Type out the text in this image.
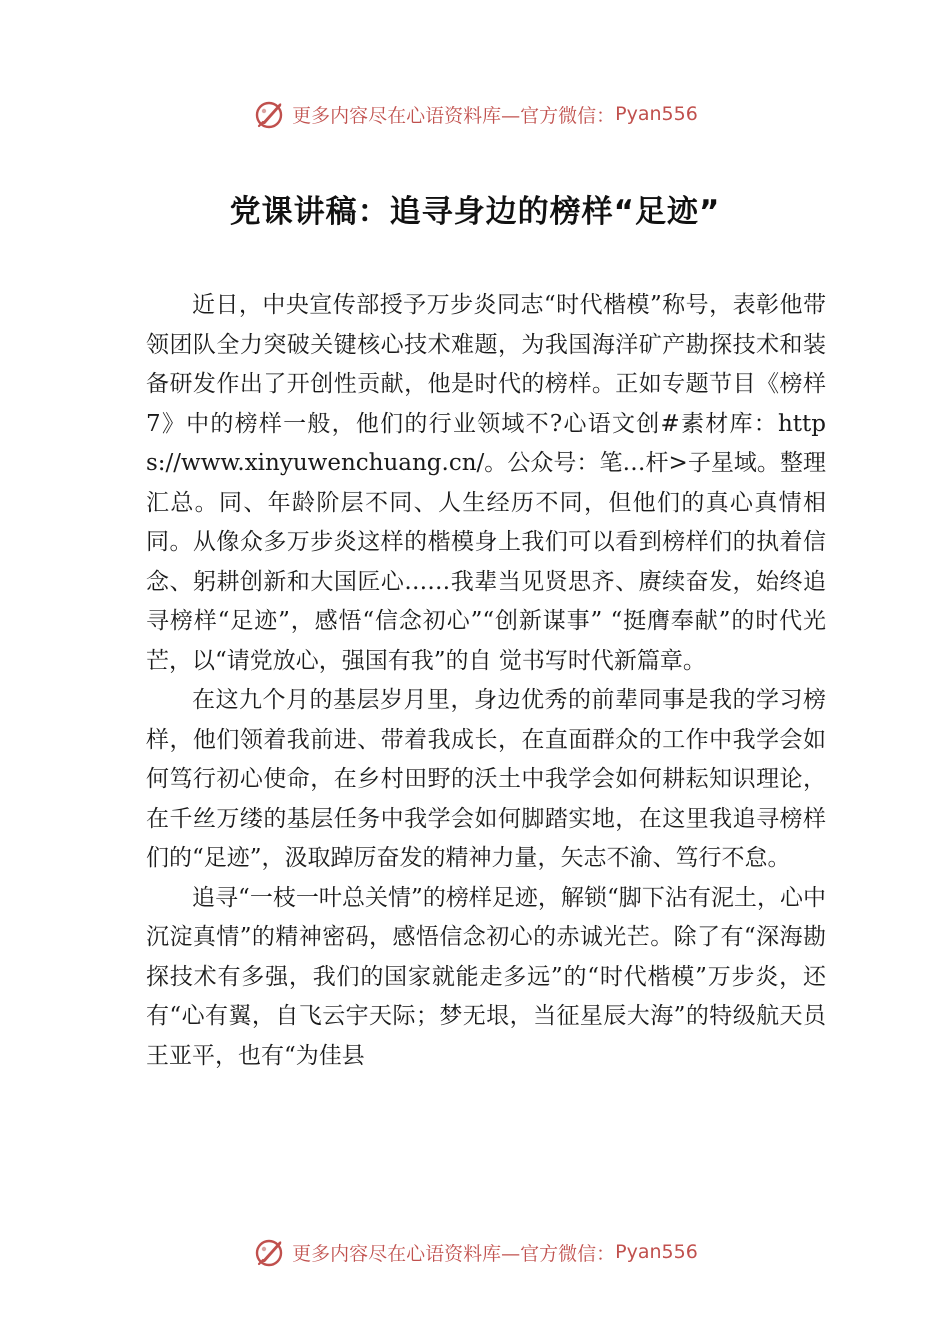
更多内容尽在心语资料库—官方微信： Pyan556
党课讲稿：追寻身边的榜样“足迹”

近日，中央宣传部授予万步炎同志“时代楷模”称号，表彰他带领团队全力突破关键核心技术难题，为我国海洋矿产勘探技术和装备研发作出了开创性贡献，他是时代的榜样。正如专题节目《榜样 7》中的榜样一般，他们的行业领域不?心语文创#素材库：https://www.xinyuwenchuang.cn/。公众号：笔…杆>子星域。整理汇总。同、年龄阶层不同、人生经历不同，但他们的真心真情相同。从像众多万步炎这样的楷模身上我们可以看到榜样们的执着信念、躬耕创新和大国匠心……我辈当见贤思齐、赓续奋发，始终追寻榜样“足迹”，感悟“信念初心”“创新谋事” “挺膺奉献”的时代光芒，以“请党放心，强国有我”的自 觉书写时代新篇章。

在这九个月的基层岁月里，身边优秀的前辈同事是我的学习榜样，他们领着我前进、带着我成长，在直面群众的工作中我学会如何笃行初心使命，在乡村田野的沃土中我学会如何耕耘知识理论，在千丝万缕的基层任务中我学会如何脚踏实地，在这里我追寻榜样们的“足迹”，汲取踔厉奋发的精神力量，矢志不渝、笃行不怠。

追寻“一枝一叶总关情”的榜样足迹，解锁“脚下沾有泥土，心中沉淀真情”的精神密码，感悟信念初心的赤诚光芒。除了有“深海勘探技术有多强，我们的国家就能走多远”的“时代楷模”万步炎，还有“心有翼，自飞云宇天际；梦无垠，当征星辰大海”的特级航天员王亚平，也有“为佳县

更多内容尽在心语资料库—官方微信： Pyan556
